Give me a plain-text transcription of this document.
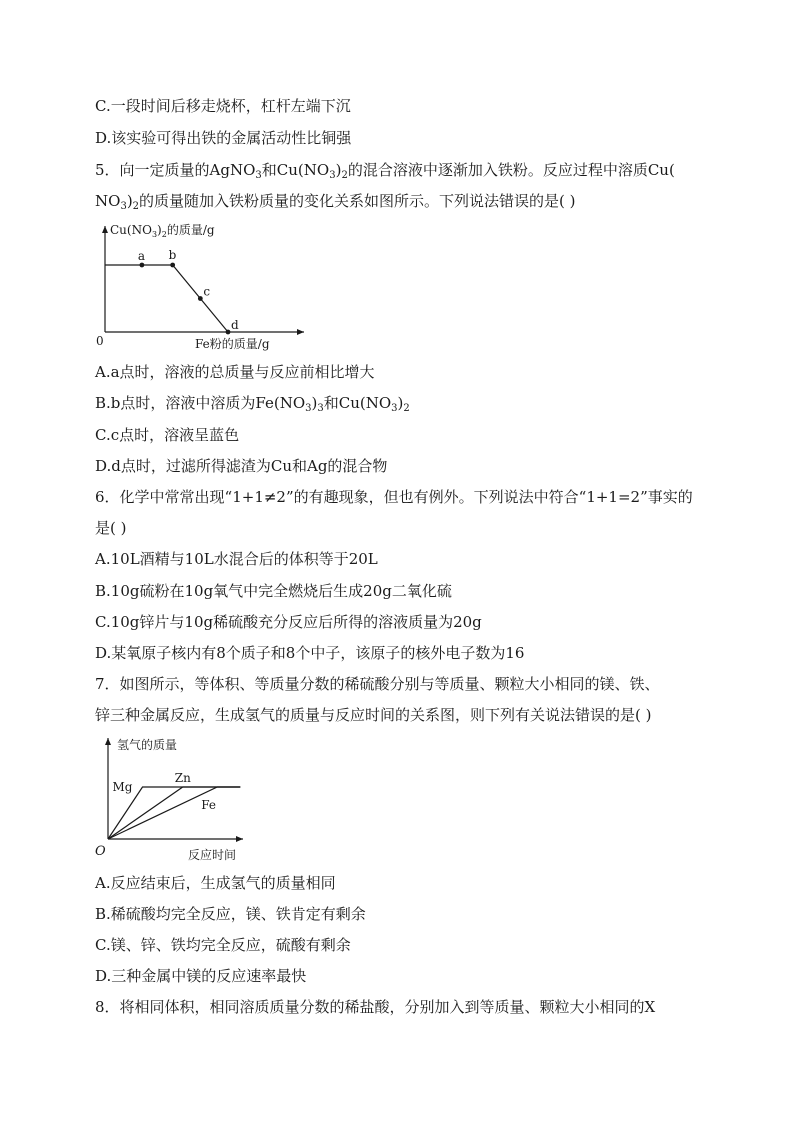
C.一段时间后移走烧杯，杠杆左端下沉
D.该实验可得出铁的金属活动性比铜强
5．向一定质量的AgNO$_3$和$Cu(NO_3)_2$的混合溶液中逐渐加入铁粉。反应过程中溶质Cu(
$NO_3)_2$的质量随加入铁粉质量的变化关系如图所示。下列说法错误的是( )
$Cu(NO_3)_2$的质量/g
0	Fe粉的质量/g
a b
c
d
A.a点时，溶液的总质量与反应前相比增大
B.b点时，溶液中溶质为$Fe(NO_3)_3$和$Cu(NO_3)_2$
C.c点时，溶液呈蓝色
D.d点时，过滤所得滤渣为Cu和Ag的混合物
6．化学中常常出现“1+1≠2”的有趣现象，但也有例外。下列说法中符合“1+1=2”事实的
是( )
A.10L酒精与10L水混合后的体积等于20L
B.10g硫粉在10g氧气中完全燃烧后生成20g二氧化硫
C.10g锌片与10g稀硫酸充分反应后所得的溶液质量为20g
D.某氧原子核内有8个质子和8个中子，该原子的核外电子数为16
7．如图所示，等体积、等质量分数的稀硫酸分别与等质量、颗粒大小相同的镁、铁、
锌三种金属反应，生成氢气的质量与反应时间的关系图，则下列有关说法错误的是( )
氢气的质量
O	反应时间
Mg
Zn
Fe
A.反应结束后，生成氢气的质量相同
B.稀硫酸均完全反应，镁、铁肯定有剩余
C.镁、锌、铁均完全反应，硫酸有剩余
D.三种金属中镁的反应速率最快
8．将相同体积，相同溶质质量分数的稀盐酸，分别加入到等质量、颗粒大小相同的X
